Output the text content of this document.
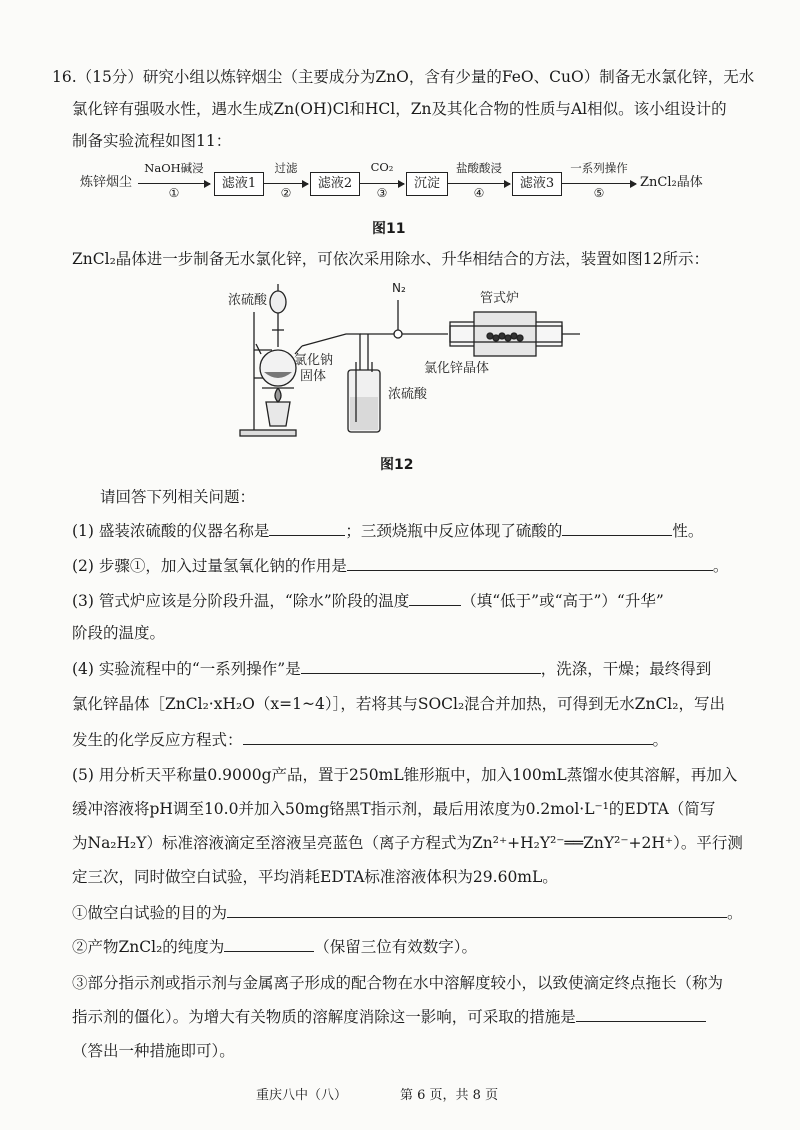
16.（15分）研究小组以炼锌烟尘（主要成分为ZnO，含有少量的FeO、CuO）制备无水氯化锌，无水
氯化锌有强吸水性，遇水生成Zn(OH)Cl和HCl，Zn及其化合物的性质与Al相似。该小组设计的
制备实验流程如图11：
炼锌烟尘
NaOH碱浸
①
滤液1
过滤
②
滤液2
CO₂
③
沉淀
盐酸酸浸
④
滤液3
一系列操作
⑤
ZnCl₂晶体
图11
ZnCl₂晶体进一步制备无水氯化锌，可依次采用除水、升华相结合的方法，装置如图12所示：
浓硫酸
氯化钠
固体
N₂
管式炉
氯化锌晶体
浓硫酸
图12
请回答下列相关问题：
(1) 盛装浓硫酸的仪器名称是	；三颈烧瓶中反应体现了硫酸的	性。
(2) 步骤①，加入过量氢氧化钠的作用是	。
(3) 管式炉应该是分阶段升温，“除水”阶段的温度	（填“低于”或“高于”）“升华”
阶段的温度。
(4) 实验流程中的“一系列操作”是	，洗涤，干燥；最终得到
氯化锌晶体［ZnCl₂·xH₂O（x=1~4）］，若将其与SOCl₂混合并加热，可得到无水ZnCl₂，写出
发生的化学反应方程式：	。
(5) 用分析天平称量0.9000g产品，置于250mL锥形瓶中，加入100mL蒸馏水使其溶解，再加入
缓冲溶液将pH调至10.0并加入50mg铬黑T指示剂，最后用浓度为0.2mol·L⁻¹的EDTA（简写
为Na₂H₂Y）标准溶液滴定至溶液呈亮蓝色（离子方程式为Zn²⁺+H₂Y²⁻══ZnY²⁻+2H⁺）。平行测
定三次，同时做空白试验，平均消耗EDTA标准溶液体积为29.60mL。
①做空白试验的目的为	。
②产物ZnCl₂的纯度为	（保留三位有效数字）。
③部分指示剂或指示剂与金属离子形成的配合物在水中溶解度较小，以致使滴定终点拖长（称为
指示剂的僵化）。为增大有关物质的溶解度消除这一影响，可采取的措施是
（答出一种措施即可）。
重庆八中（八）	第 6 页，共 8 页
